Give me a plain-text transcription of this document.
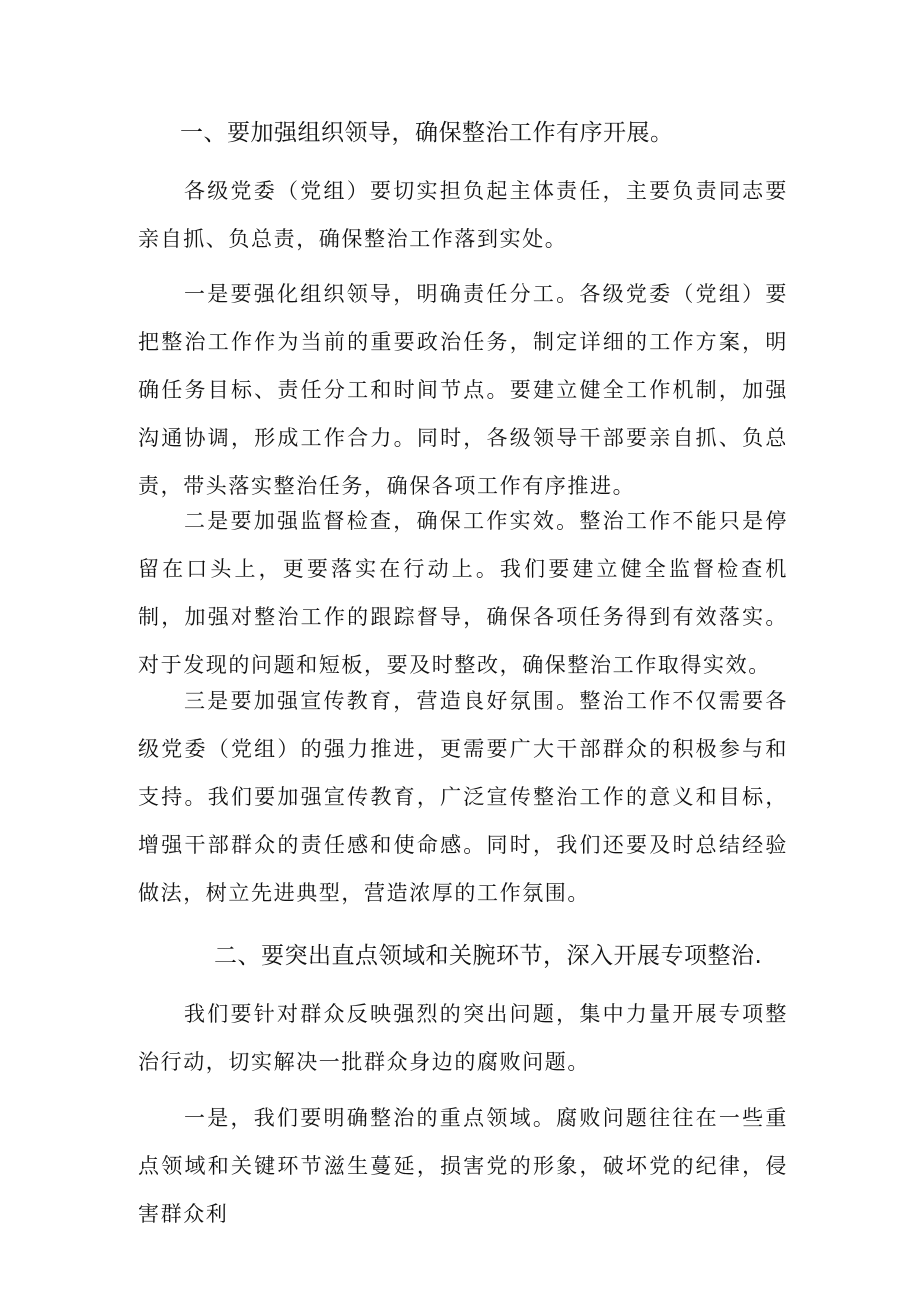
一、要加强组织领导，确保整治工作有序开展。

各级党委（党组）要切实担负起主体责任，主要负责同志要亲自抓、负总责，确保整治工作落到实处。

一是要强化组织领导，明确责任分工。各级党委（党组）要把整治工作作为当前的重要政治任务，制定详细的工作方案，明确任务目标、责任分工和时间节点。要建立健全工作机制，加强沟通协调，形成工作合力。同时，各级领导干部要亲自抓、负总责，带头落实整治任务，确保各项工作有序推进。

二是要加强监督检查，确保工作实效。整治工作不能只是停留在口头上，更要落实在行动上。我们要建立健全监督检查机制，加强对整治工作的跟踪督导，确保各项任务得到有效落实。对于发现的问题和短板，要及时整改，确保整治工作取得实效。

三是要加强宣传教育，营造良好氛围。整治工作不仅需要各级党委（党组）的强力推进，更需要广大干部群众的积极参与和支持。我们要加强宣传教育，广泛宣传整治工作的意义和目标，增强干部群众的责任感和使命感。同时，我们还要及时总结经验做法，树立先进典型，营造浓厚的工作氛围。

二、要突出直点领域和关腕环节，深入开展专项整治.

我们要针对群众反映强烈的突出问题，集中力量开展专项整治行动，切实解决一批群众身边的腐败问题。

一是，我们要明确整治的重点领域。腐败问题往往在一些重点领域和关键环节滋生蔓延，损害党的形象，破坏党的纪律，侵害群众利
